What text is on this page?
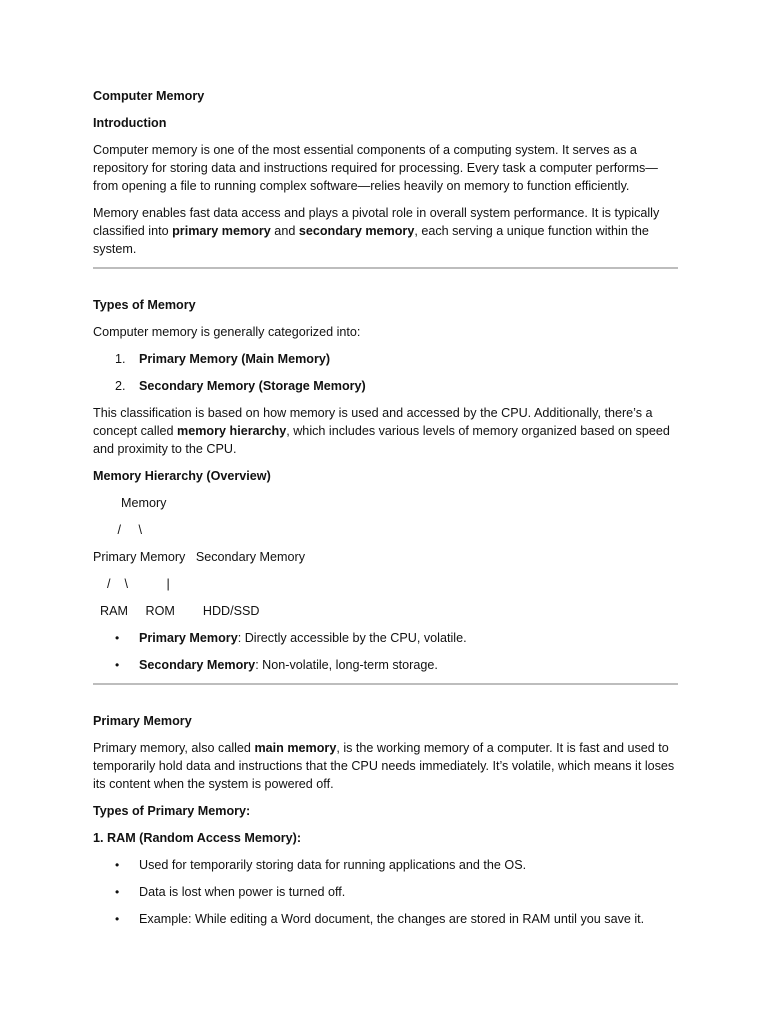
Computer Memory

Introduction

Computer memory is one of the most essential components of a computing system. It serves as a repository for storing data and instructions required for processing. Every task a computer performs—from opening a file to running complex software—relies heavily on memory to function efficiently.

Memory enables fast data access and plays a pivotal role in overall system performance. It is typically classified into primary memory and secondary memory, each serving a unique function within the system.

Types of Memory

Computer memory is generally categorized into:

1. Primary Memory (Main Memory)
2. Secondary Memory (Storage Memory)

This classification is based on how memory is used and accessed by the CPU. Additionally, there’s a concept called memory hierarchy, which includes various levels of memory organized based on speed and proximity to the CPU.

Memory Hierarchy (Overview)

Memory
/     \
Primary Memory   Secondary Memory
/    \           |
RAM     ROM        HDD/SSD
• Primary Memory: Directly accessible by the CPU, volatile.
• Secondary Memory: Non-volatile, long-term storage.

Primary Memory

Primary memory, also called main memory, is the working memory of a computer. It is fast and used to temporarily hold data and instructions that the CPU needs immediately. It’s volatile, which means it loses its content when the system is powered off.

Types of Primary Memory:

1. RAM (Random Access Memory):

• Used for temporarily storing data for running applications and the OS.
• Data is lost when power is turned off.
• Example: While editing a Word document, the changes are stored in RAM until you save it.
